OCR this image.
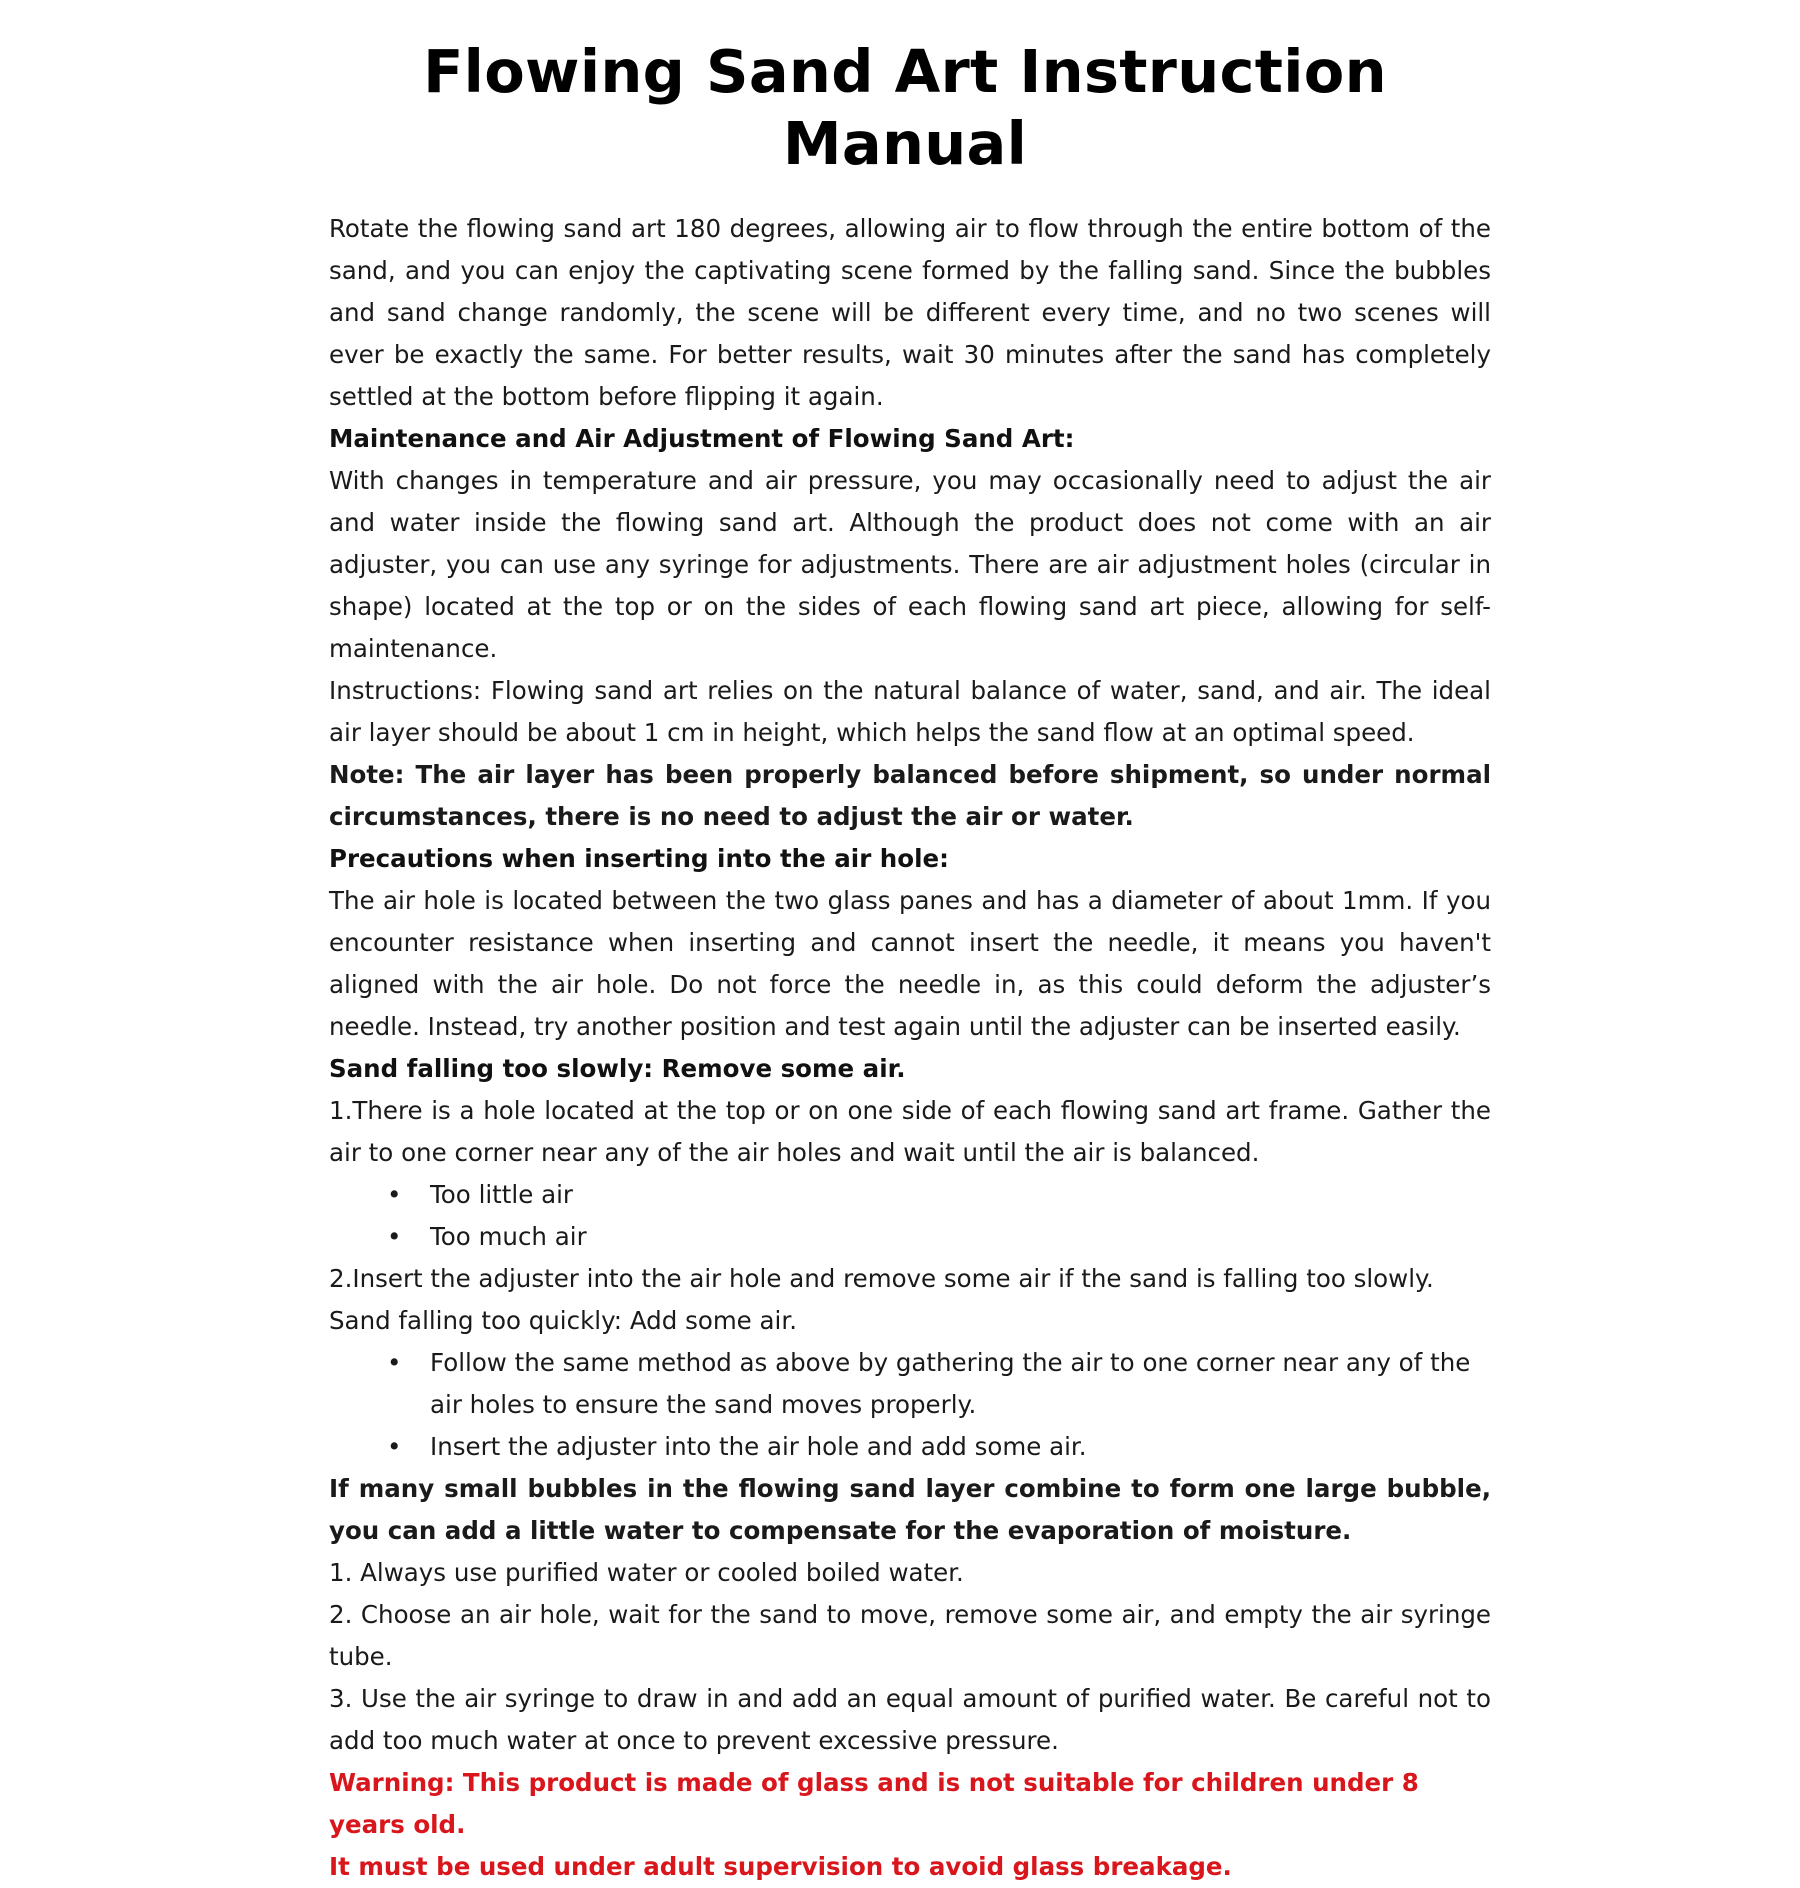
Flowing Sand Art Instruction Manual

Rotate the flowing sand art 180 degrees, allowing air to flow through the entire bottom of the sand, and you can enjoy the captivating scene formed by the falling sand. Since the bubbles and sand change randomly, the scene will be different every time, and no two scenes will ever be exactly the same. For better results, wait 30 minutes after the sand has completely settled at the bottom before flipping it again.

Maintenance and Air Adjustment of Flowing Sand Art:

With changes in temperature and air pressure, you may occasionally need to adjust the air and water inside the flowing sand art. Although the product does not come with an air adjuster, you can use any syringe for adjustments. There are air adjustment holes (circular in shape) located at the top or on the sides of each flowing sand art piece, allowing for self-maintenance.

Instructions: Flowing sand art relies on the natural balance of water, sand, and air. The ideal air layer should be about 1 cm in height, which helps the sand flow at an optimal speed.

Note: The air layer has been properly balanced before shipment, so under normal circumstances, there is no need to adjust the air or water.

Precautions when inserting into the air hole:

The air hole is located between the two glass panes and has a diameter of about 1mm. If you encounter resistance when inserting and cannot insert the needle, it means you haven't aligned with the air hole. Do not force the needle in, as this could deform the adjuster’s needle. Instead, try another position and test again until the adjuster can be inserted easily.

Sand falling too slowly: Remove some air.

1.There is a hole located at the top or on one side of each flowing sand art frame. Gather the air to one corner near any of the air holes and wait until the air is balanced.

• Too little air
• Too much air

2.Insert the adjuster into the air hole and remove some air if the sand is falling too slowly.

Sand falling too quickly: Add some air.

• Follow the same method as above by gathering the air to one corner near any of the air holes to ensure the sand moves properly.
• Insert the adjuster into the air hole and add some air.

If many small bubbles in the flowing sand layer combine to form one large bubble, you can add a little water to compensate for the evaporation of moisture.

1. Always use purified water or cooled boiled water.

2. Choose an air hole, wait for the sand to move, remove some air, and empty the air syringe tube.

3. Use the air syringe to draw in and add an equal amount of purified water. Be careful not to add too much water at once to prevent excessive pressure.

Warning: This product is made of glass and is not suitable for children under 8 years old.

It must be used under adult supervision to avoid glass breakage.
